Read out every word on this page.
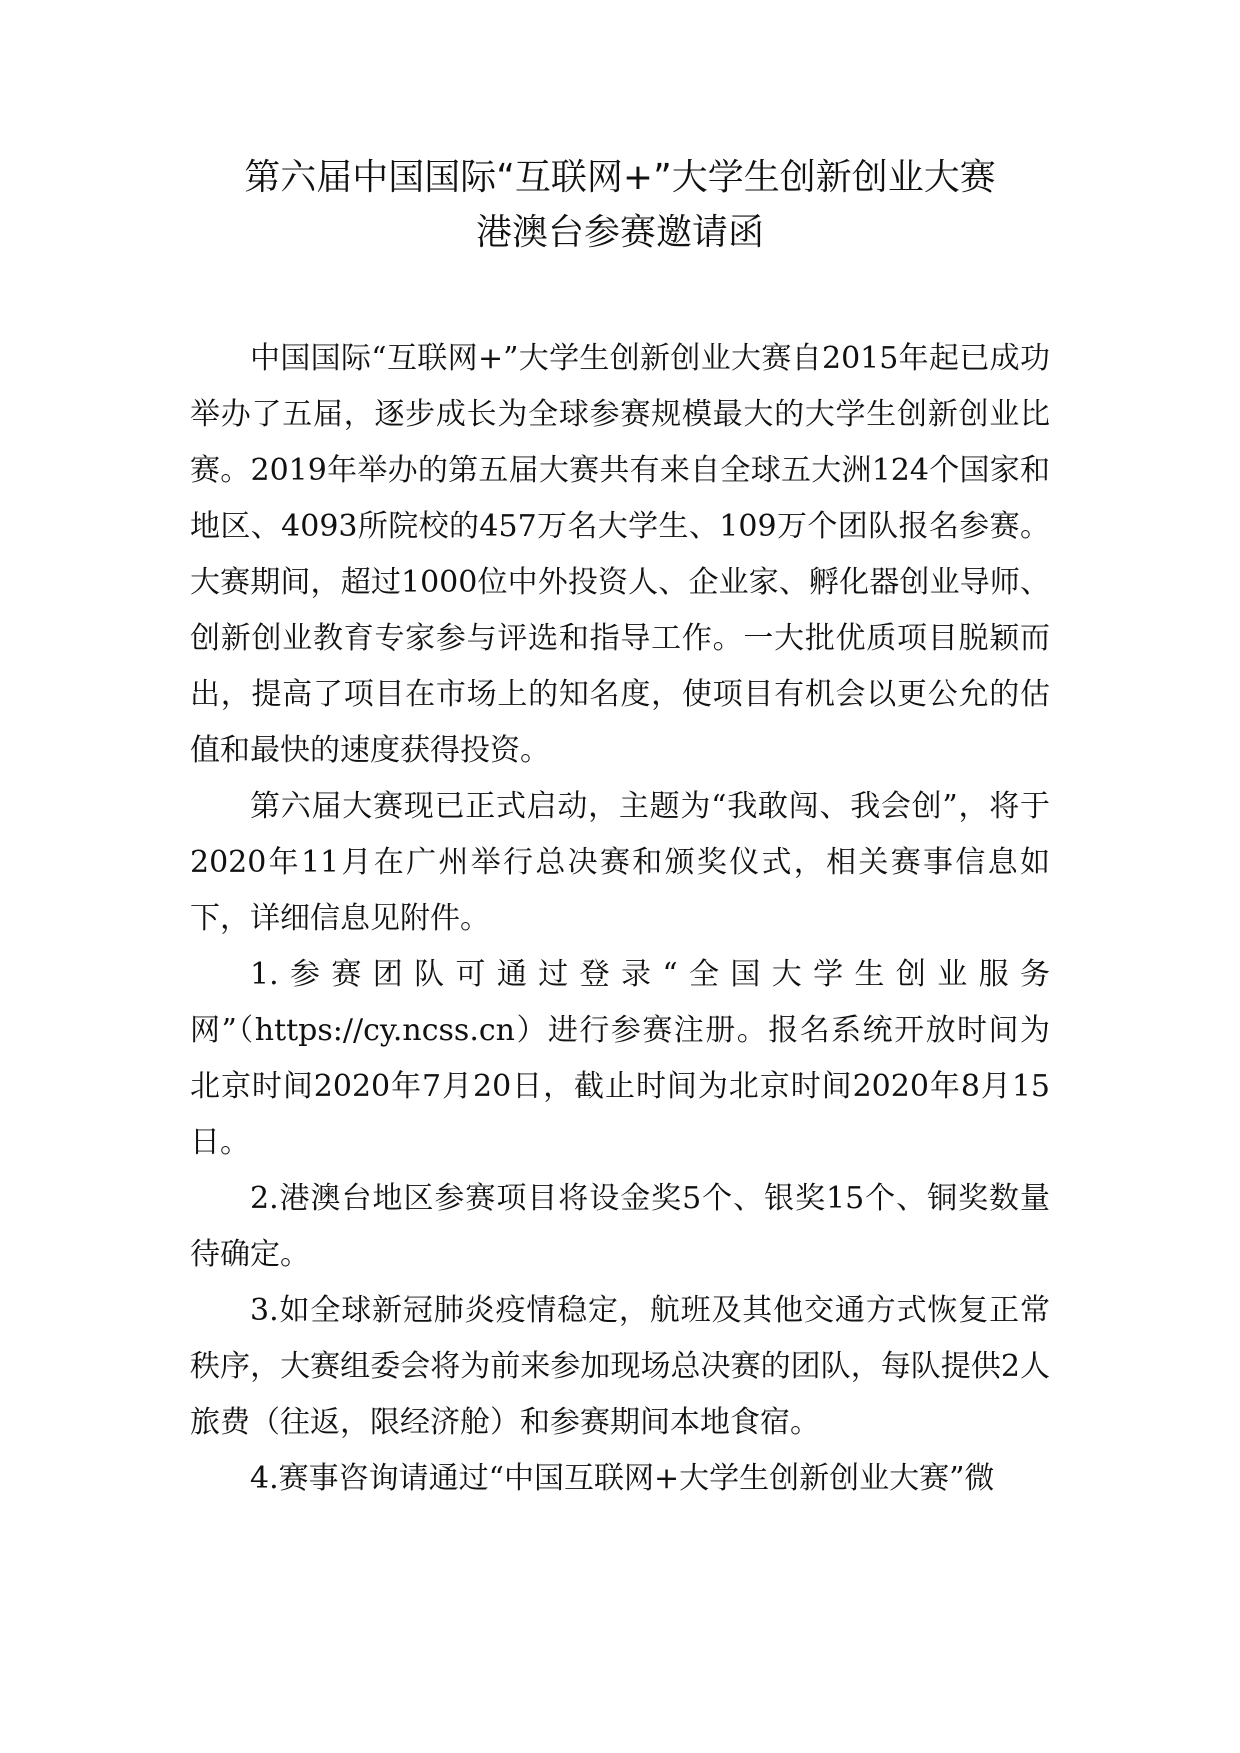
第六届中国国际“互联网+”大学生创新创业大赛
港澳台参赛邀请函

中国国际“互联网+”大学生创新创业大赛自2015年起已成功举办了五届，逐步成长为全球参赛规模最大的大学生创新创业比赛。2019年举办的第五届大赛共有来自全球五大洲124个国家和地区、4093所院校的457万名大学生、109万个团队报名参赛。大赛期间，超过1000位中外投资人、企业家、孵化器创业导师、创新创业教育专家参与评选和指导工作。一大批优质项目脱颖而出，提高了项目在市场上的知名度，使项目有机会以更公允的估值和最快的速度获得投资。

第六届大赛现已正式启动，主题为“我敢闯、我会创”，将于2020年11月在广州举行总决赛和颁奖仪式，相关赛事信息如下，详细信息见附件。

1.参赛团队可通过登录“全国大学生创业服务网”（https://cy.ncss.cn）进行参赛注册。报名系统开放时间为北京时间2020年7月20日，截止时间为北京时间2020年8月15日。

2.港澳台地区参赛项目将设金奖5个、银奖15个、铜奖数量待确定。

3.如全球新冠肺炎疫情稳定，航班及其他交通方式恢复正常秩序，大赛组委会将为前来参加现场总决赛的团队，每队提供2人旅费（往返，限经济舱）和参赛期间本地食宿。

4.赛事咨询请通过“中国互联网+大学生创新创业大赛”微
